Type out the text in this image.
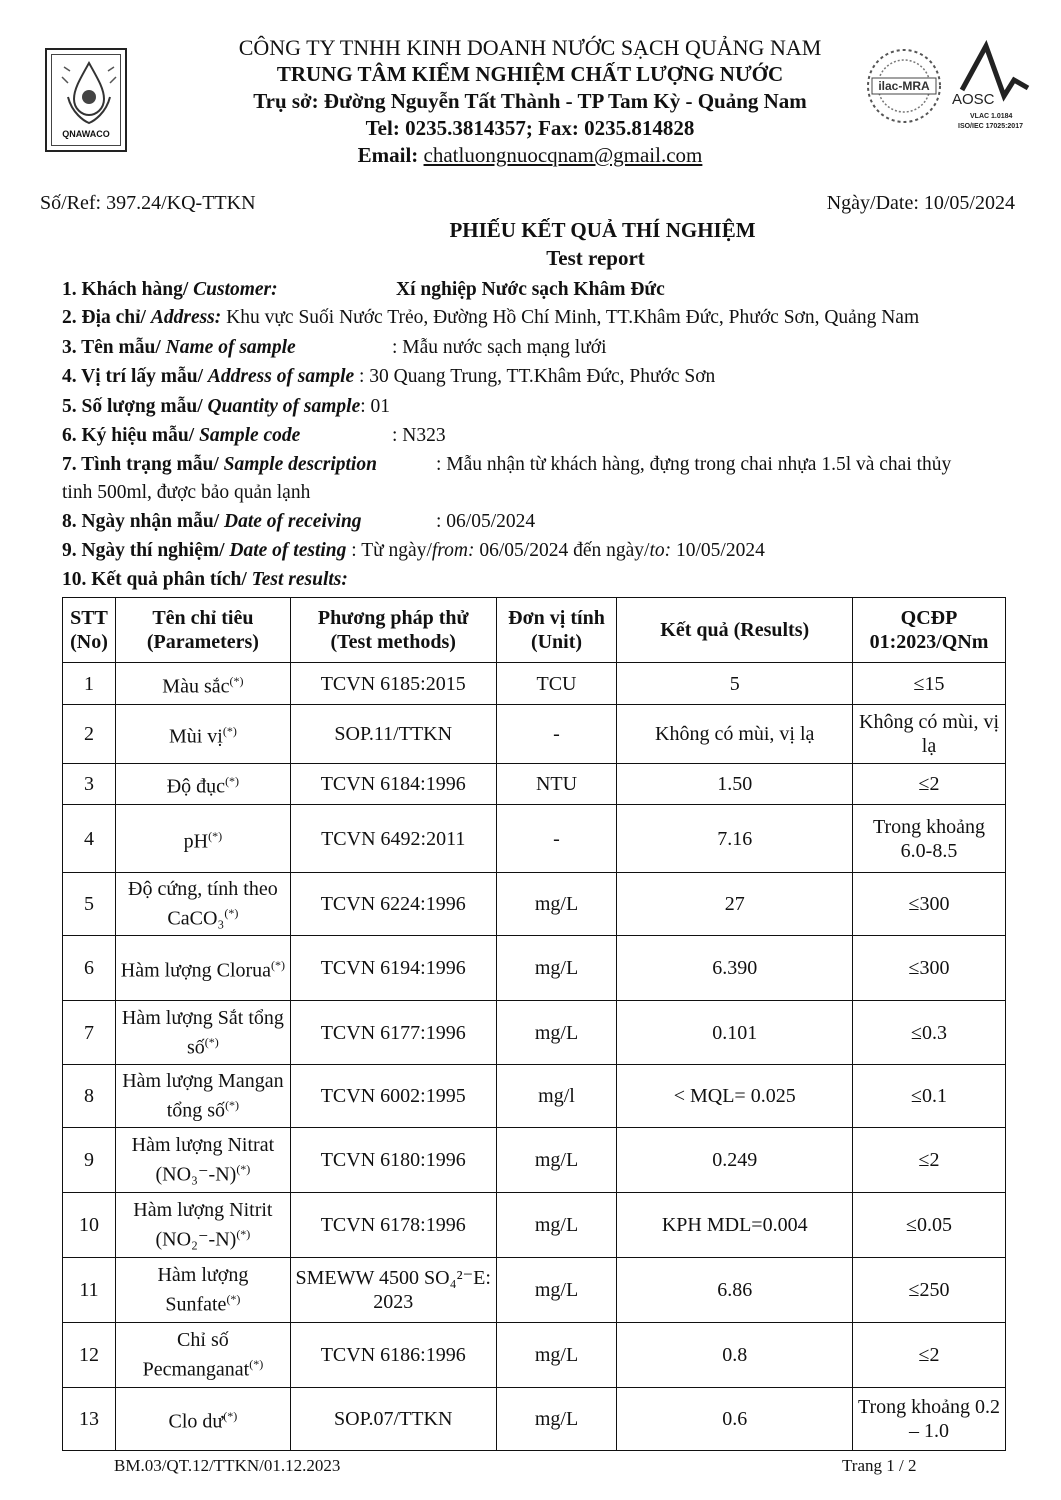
QNAWACO
CÔNG TY TNHH KINH DOANH NƯỚC SẠCH QUẢNG NAM
TRUNG TÂM KIỂM NGHIỆM CHẤT LƯỢNG NƯỚC
Trụ sở: Đường Nguyễn Tất Thành - TP Tam Kỳ - Quảng Nam
Tel: 0235.3814357; Fax: 0235.814828
Email: chatluongnuocqnam@gmail.com
ilac-MRA
AOSC
VLAC 1.0184
ISO/IEC 17025:2017
Số/Ref: 397.24/KQ-TTKN	Ngày/Date: 10/05/2024
PHIẾU KẾT QUẢ THÍ NGHIỆM
Test report
1. Khách hàng/ Customer:	Xí nghiệp Nước sạch Khâm Đức
2. Địa chỉ/ Address: Khu vực Suối Nước Trẻo, Đường Hồ Chí Minh, TT.Khâm Đức, Phước Sơn, Quảng Nam
3. Tên mẫu/ Name of sample	: Mẫu nước sạch mạng lưới
4. Vị trí lấy mẫu/ Address of sample : 30 Quang Trung, TT.Khâm Đức, Phước Sơn
5. Số lượng mẫu/ Quantity of sample: 01
6. Ký hiệu mẫu/ Sample code	: N323
7. Tình trạng mẫu/ Sample description	: Mẫu nhận từ khách hàng, đựng trong chai nhựa 1.5l và chai thủy
tinh 500ml, được bảo quản lạnh
8. Ngày nhận mẫu/ Date of receiving	: 06/05/2024
9. Ngày thí nghiệm/ Date of testing : Từ ngày/from: 06/05/2024 đến ngày/to: 10/05/2024
10. Kết quả phân tích/ Test results:
STT (No)	Tên chỉ tiêu (Parameters)	Phương pháp thử (Test methods)	Đơn vị tính (Unit)	Kết quả (Results)	QCĐP 01:2023/QNm
1	Màu sắc(*)	TCVN 6185:2015	TCU	5	≤15
2	Mùi vị(*)	SOP.11/TTKN	-	Không có mùi, vị lạ	Không có mùi, vị lạ
3	Độ đục(*)	TCVN 6184:1996	NTU	1.50	≤2
4	pH(*)	TCVN 6492:2011	-	7.16	Trong khoảng 6.0-8.5
5	Độ cứng, tính theo CaCO₃(*)	TCVN 6224:1996	mg/L	27	≤300
6	Hàm lượng Clorua(*)	TCVN 6194:1996	mg/L	6.390	≤300
7	Hàm lượng Sắt tổng số(*)	TCVN 6177:1996	mg/L	0.101	≤0.3
8	Hàm lượng Mangan tổng số(*)	TCVN 6002:1995	mg/l	< MQL= 0.025	≤0.1
9	Hàm lượng Nitrat (NO₃⁻-N)(*)	TCVN 6180:1996	mg/L	0.249	≤2
10	Hàm lượng Nitrit (NO₂⁻-N)(*)	TCVN 6178:1996	mg/L	KPH MDL=0.004	≤0.05
11	Hàm lượng Sunfate(*)	SMEWW 4500 SO₄²⁻E: 2023	mg/L	6.86	≤250
12	Chỉ số Pecmanganat(*)	TCVN 6186:1996	mg/L	0.8	≤2
13	Clo dư(*)	SOP.07/TTKN	mg/L	0.6	Trong khoảng 0.2 – 1.0
BM.03/QT.12/TTKN/01.12.2023	Trang 1 / 2
